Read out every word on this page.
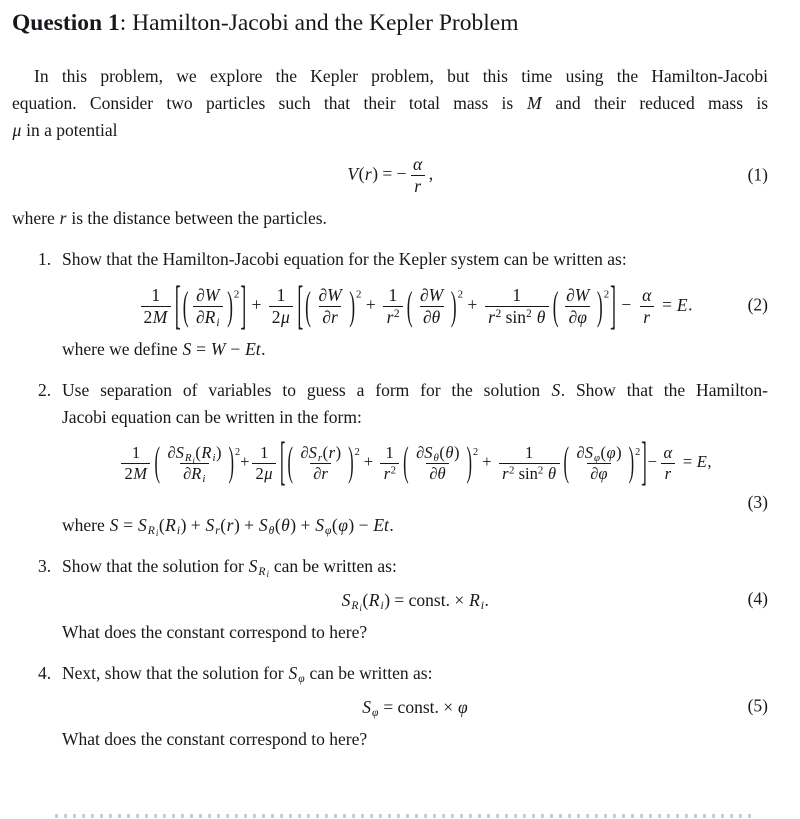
Question 1: Hamilton-Jacobi and the Kepler Problem
In this problem, we explore the Kepler problem, but this time using the Hamilton-Jacobi
equation. Consider two particles such that their total mass is M and their reduced mass is
μ in a potential
V(r) = − $\frac{\alpha}{r}$ ,	(1)
where r is the distance between the particles.
1. Show that the Hamilton-Jacobi equation for the Kepler system can be written as:
$\frac{1}{2M}$ [ ( $\frac{\partial W}{\partial Ri} )^2] + \frac{1}{2\mu}$ [ ( $\frac{\partial W}{\partial r} )^2 + \frac{1}{r^2}$ ( $\frac{\partial W}{\partial\theta} )^2 + \frac{1}{r^2 \sin^2 \theta}$ ( $\frac{\partial W}{\partial\varphi} )^2] - \frac{\alpha}{r} = E$.	(2)
where we define S = W − Et.
2. Use separation of variables to guess a form for the solution S. Show that the Hamilton-
Jacobi equation can be written in the form:
$\frac{1}{2M}$ ( ∂SRi(Ri)
∂Ri )$^2+ \frac{1}{2\mu}$ [ ( $\frac{\partial Sr(r)}{\partial r} )^2 + \frac{1}{r^2}$ ( $\frac{\partial S\theta(\theta)}{\partial\theta} )^2 + \frac{1}{r^2 \sin^2 \theta}$ ( $\frac{\partial S\varphi(\varphi)}{\partial\varphi} )^2]- \frac{\alpha}{r} = E$,
(3)
where S = SRi(Ri) + Sr(r) + Sθ(θ) + Sφ(φ) − Et.
3. Show that the solution for SRi can be written as:
SRi(Ri) = const. × Ri.	(4)
What does the constant correspond to here?
4. Next, show that the solution for Sφ can be written as:
Sφ = const. × φ	(5)
What does the constant correspond to here?
